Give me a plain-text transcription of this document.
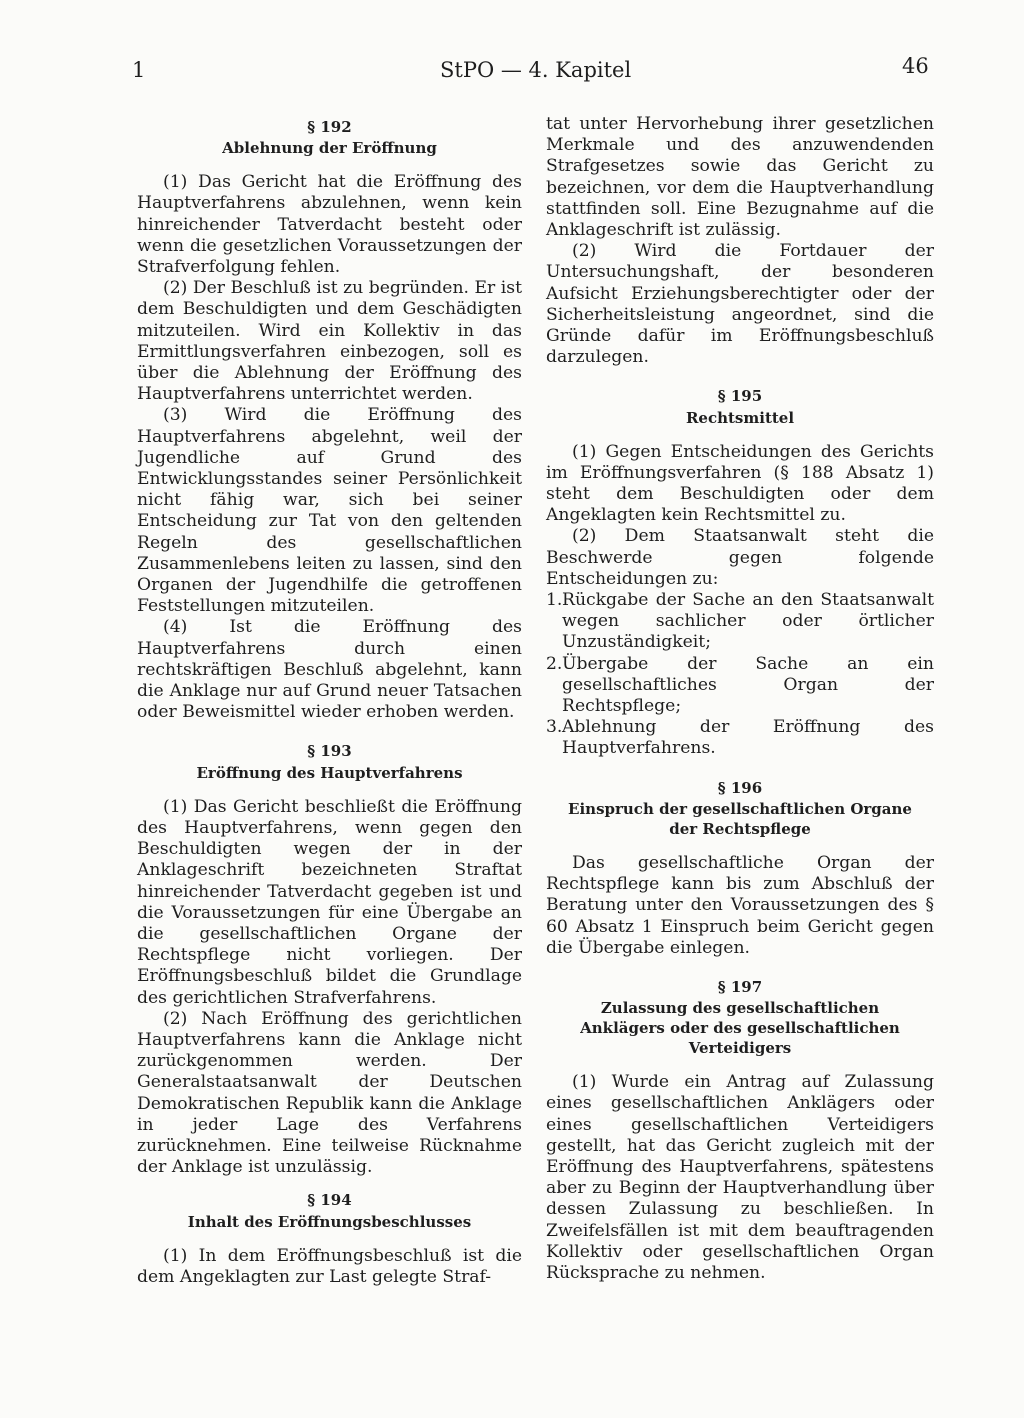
1	StPO — 4. Kapitel	46
§ 192
Ablehnung der Eröffnung

(1) Das Gericht hat die Eröffnung des Hauptverfahrens abzulehnen, wenn kein hinreichender Tatverdacht besteht oder wenn die gesetzlichen Voraussetzungen der Strafverfolgung fehlen.

(2) Der Beschluß ist zu begründen. Er ist dem Beschuldigten und dem Geschädigten mitzuteilen. Wird ein Kollektiv in das Ermittlungsverfahren einbezogen, soll es über die Ablehnung der Eröffnung des Hauptverfahrens unterrichtet werden.

(3) Wird die Eröffnung des Hauptverfahrens abgelehnt, weil der Jugendliche auf Grund des Entwicklungsstandes seiner Persönlichkeit nicht fähig war, sich bei seiner Entscheidung zur Tat von den geltenden Regeln des gesellschaftlichen Zusammenlebens leiten zu lassen, sind den Organen der Jugendhilfe die getroffenen Feststellungen mitzuteilen.

(4) Ist die Eröffnung des Hauptverfahrens durch einen rechtskräftigen Beschluß abgelehnt, kann die Anklage nur auf Grund neuer Tatsachen oder Beweismittel wieder erhoben werden.

§ 193
Eröffnung des Hauptverfahrens

(1) Das Gericht beschließt die Eröffnung des Hauptverfahrens, wenn gegen den Beschuldigten wegen der in der Anklageschrift bezeichneten Straftat hinreichender Tatverdacht gegeben ist und die Voraussetzungen für eine Übergabe an die gesellschaftlichen Organe der Rechtspflege nicht vorliegen. Der Eröffnungsbeschluß bildet die Grundlage des gerichtlichen Strafverfahrens.

(2) Nach Eröffnung des gerichtlichen Hauptverfahrens kann die Anklage nicht zurückgenommen werden. Der Generalstaatsanwalt der Deutschen Demokratischen Republik kann die Anklage in jeder Lage des Verfahrens zurücknehmen. Eine teilweise Rücknahme der Anklage ist unzulässig.

§ 194
Inhalt des Eröffnungsbeschlusses

(1) In dem Eröffnungsbeschluß ist die dem Angeklagten zur Last gelegte Straf-

tat unter Hervorhebung ihrer gesetzlichen Merkmale und des anzuwendenden Strafgesetzes sowie das Gericht zu bezeichnen, vor dem die Hauptverhandlung stattfinden soll. Eine Bezugnahme auf die Anklageschrift ist zulässig.

(2) Wird die Fortdauer der Untersuchungshaft, der besonderen Aufsicht Erziehungsberechtigter oder der Sicherheitsleistung angeordnet, sind die Gründe dafür im Eröffnungsbeschluß darzulegen.

§ 195
Rechtsmittel

(1) Gegen Entscheidungen des Gerichts im Eröffnungsverfahren (§ 188 Absatz 1) steht dem Beschuldigten oder dem Angeklagten kein Rechtsmittel zu.

(2) Dem Staatsanwalt steht die Beschwerde gegen folgende Entscheidungen zu:

1. Rückgabe der Sache an den Staatsanwalt wegen sachlicher oder örtlicher Unzuständigkeit;
2. Übergabe der Sache an ein gesellschaftliches Organ der Rechtspflege;
3. Ablehnung der Eröffnung des Hauptverfahrens.
§ 196
Einspruch der gesellschaftlichen Organe
der Rechtspflege

Das gesellschaftliche Organ der Rechtspflege kann bis zum Abschluß der Beratung unter den Voraussetzungen des § 60 Absatz 1 Einspruch beim Gericht gegen die Übergabe einlegen.

§ 197
Zulassung des gesellschaftlichen
Anklägers oder des gesellschaftlichen
Verteidigers

(1) Wurde ein Antrag auf Zulassung eines gesellschaftlichen Anklägers oder eines gesellschaftlichen Verteidigers gestellt, hat das Gericht zugleich mit der Eröffnung des Hauptverfahrens, spätestens aber zu Beginn der Hauptverhandlung über dessen Zulassung zu beschließen. In Zweifelsfällen ist mit dem beauftragenden Kollektiv oder gesellschaftlichen Organ Rücksprache zu nehmen.
